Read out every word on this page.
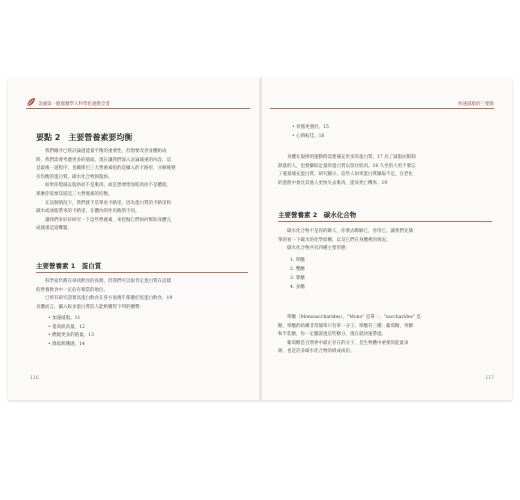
美國第一健康醫學人科學化運動全書
要點 2　主要營養素要均衡

我們剛才已經討論過能量平衡的重要性，但想要改善身體組成

時，我們需要考慮更多的層面。現在讓我們深入討論減重的內容，這

是最後一道程序，也關係巴三大營養素指的是攝入的卡路里，分解後變

有均衡的蛋白質、碳水化合物與脂肪。

如果你想減去脂肪而不是肌肉，或是想要增加肌肉而不是體脂，

那麼你需要知道這三大營養素的均衡。

在這個情況下，我們就不是單看卡路里，因為蛋白質的卡路里和

碳水或油脂帶來的卡路里，在體內的作用截然不同。

讓我們來好好研究一下這些營養素，來挖掘它們如何幫助身體完

成減重這道難題。

主要營養素 1　蛋白質

科學家仍舊在尋找飲食的真理，但我們可以很肯定蛋白質在這樣

的營養飲食中一定佔有相當的地位。

已經有研究證實高蛋白飲食在各方面幾乎都優於低蛋白飲食，19

具體而言，攝入較多蛋白質的人能夠獲得下列的優勢：

• 加速減脂。11
• 提高肌肉量。12
• 燃燒更多的熱量。13
• 降低飢餓感。14
116
快速減脂的三要點
• 骨骼更強壯。15
• 心情較佳。16

身體在規律的運動時需要補充更多的蛋白質。17 為了減脂而限制

熱量的人，也要攝取足量的蛋白質以留住肌肉。18 久坐的人更不要忘

了適量補充蛋白質，研究顯示，這些人如果蛋白質攝取不足，在老化

的過程中會比其他人更快失去肌肉，提高死亡機率。19

主要營養素 2　碳水化合物

碳水化合物不是你的敵人，你要去瞭解它，善用它，讓我們先簡

單的看一下碳水的化學結構，以及它們在身體裡的情況。

碳水化合物共有四種主要形態：

1. 單醣
2. 雙醣
3. 寡醣
4. 多醣

單醣（Monosaccharides）。"Mono" 是單一，"saccharides" 是

糖，單醣的結構非常簡單只有單一分子。單醣有三種：葡萄糖、果糖

和半乳糖，你一定聽說過這些糖分，現在就快速帶過。

葡萄糖是自然界中最正存在的分子，是生物體中重要的能量來

源，也是許多碳水化合物的組成成份。

117
